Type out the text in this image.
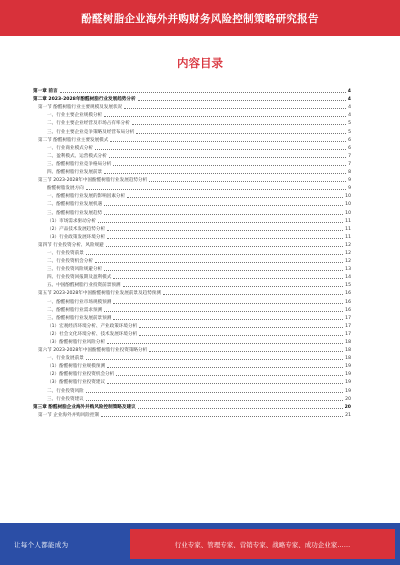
酚醛树脂企业海外并购财务风险控制策略研究报告
内容目录
第一章 前言	4
第二章 2023-2028年酚醛树脂行业发展趋势分析	4
第一节 酚醛树脂行业主要规模及发展状况	4
一、行业主要企业规模分析	4
二、行业主要企业经营及市场占有率分析	5
三、行业主要企业竞争策略及经营布局分析	5
第二节 酚醛树脂行业主要发展模式	6
一、行业商业模式分析	6
二、盈利模式、运营模式分析	7
三、酚醛树脂行业竞争格局分析	7
四、酚醛树脂行业发展前景	8
第三节 2023-2028年中国酚醛树脂行业发展趋势分析	9
酚醛树脂发展方向	9
一、酚醛树脂行业发展的影响因素分析	10
二、酚醛树脂行业发展机遇	10
三、酚醛树脂行业发展趋势	10
（1）市场需求驱动分析	11
（2）产品技术发展趋势分析	11
（3）行业政策发展环境分析	11
第四节 行业投资分析、风险规避	12
一、行业投资前景	12
二、行业投资机会分析	12
三、行业投资风险规避分析	13
四、行业投资回报期及盈利模式	14
五、中国酚醛树脂行业投资前景预测	15
第五节 2023-2028年中国酚醛树脂行业发展前景及趋势预测	16
一、酚醛树脂行业市场规模预测	16
二、酚醛树脂行业需求预测	16
三、酚醛树脂行业发展前景预测	17
（1）宏观经济环境分析、产业政策环境分析	17
（2）社会文化环境分析、技术发展环境分析	17
（3）酚醛树脂行业风险分析	18
第六节 2023-2028年中国酚醛树脂行业投资策略分析	18
一、行业发展前景	18
（1）酚醛树脂行业规模预测	19
（2）酚醛树脂行业投资机会分析	19
（3）酚醛树脂行业投资建议	19
二、行业投资风险	19
三、行业投资建议	20
第三章 酚醛树脂企业海外并购风险控制策略及建议	20
第一节 企业海外并购风险控制	21
让每个人都能成为	行业专家、管理专家、营销专家、战略专家、成功企业家……
